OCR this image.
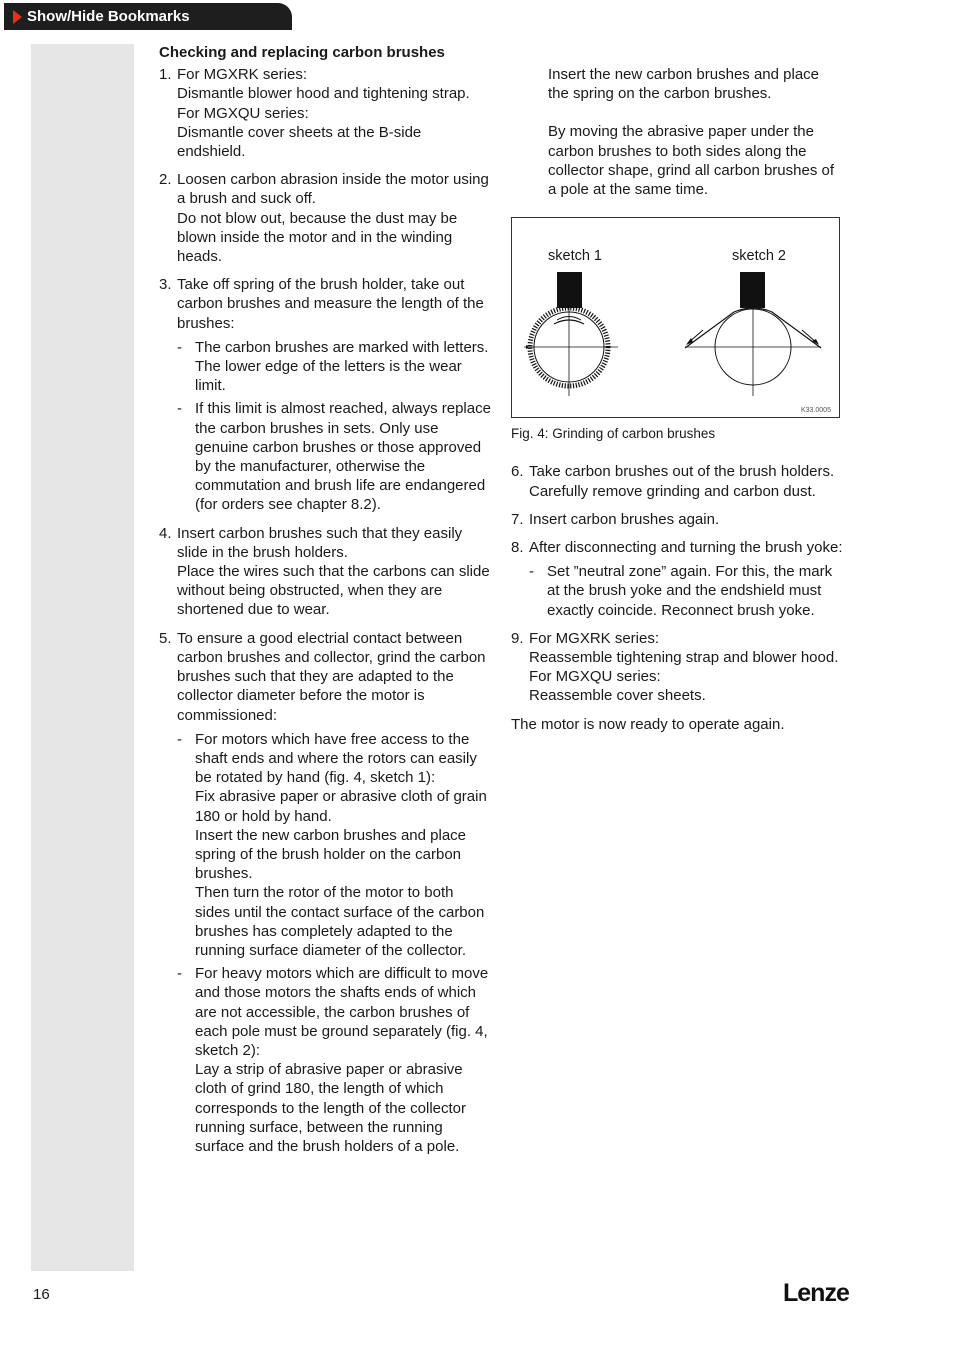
Show/Hide Bookmarks
Checking and replacing carbon brushes
1. For MGXRK series:
Dismantle blower hood and tightening strap.
For MGXQU series:
Dismantle cover sheets at the B-side endshield.
2. Loosen carbon abrasion inside the motor using a brush and suck off.
Do not blow out, because the dust may be blown inside the motor and in the winding heads.
3. Take off spring of the brush holder, take out carbon brushes and measure the length of the brushes:
- The carbon brushes are marked with letters. The lower edge of the letters is the wear limit.
- If this limit is almost reached, always replace the carbon brushes in sets. Only use genuine carbon brushes or those approved by the manufacturer, otherwise the commutation and brush life are endangered (for orders see chapter 8.2).
4. Insert carbon brushes such that they easily slide in the brush holders.
Place the wires such that the carbons can slide without being obstructed, when they are shortened due to wear.
5. To ensure a good electrial contact between carbon brushes and collector, grind the carbon brushes such that they are adapted to the collector diameter before the motor is commissioned:
- For motors which have free access to the shaft ends and where the rotors can easily be rotated by hand (fig. 4, sketch 1):
Fix abrasive paper or abrasive cloth of grain 180 or hold by hand.
Insert the new carbon brushes and place spring of the brush holder on the carbon brushes.
Then turn the rotor of the motor to both sides until the contact surface of the carbon brushes has completely adapted to the running surface diameter of the collector.
- For heavy motors which are difficult to move and those motors the shafts ends of which are not accessible, the carbon brushes of each pole must be ground separately (fig. 4, sketch 2):
Lay a strip of abrasive paper or abrasive cloth of grind 180, the length of which corresponds to the length of the collector running surface, between the running surface and the brush holders of a pole.

Insert the new carbon brushes and place the spring on the carbon brushes.

By moving the abrasive paper under the carbon brushes to both sides along the collector shape, grind all carbon brushes of a pole at the same time.

sketch 1	sketch 2
K33.0005
Fig. 4: Grinding of carbon brushes
6. Take carbon brushes out of the brush holders. Carefully remove grinding and carbon dust.
7. Insert carbon brushes again.
8. After disconnecting and turning the brush yoke:
- Set ”neutral zone” again. For this, the mark at the brush yoke and the endshield must exactly coincide. Reconnect brush yoke.
9. For MGXRK series:
Reassemble tightening strap and blower hood.
For MGXQU series:
Reassemble cover sheets.
The motor is now ready to operate again.
16	Lenze
